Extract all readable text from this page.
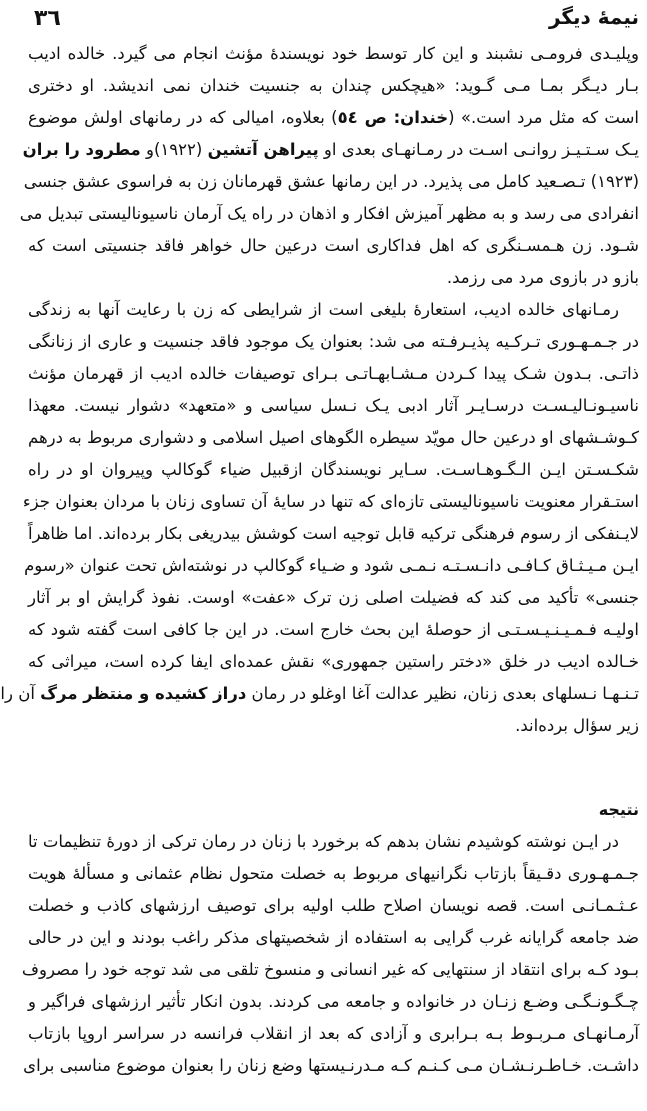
۳٦	نیمهٔ دیگر
وپلیـدی فرومـی نشبند و این کار توسط خود نویسندهٔ مؤنث انجام می گیرد. خالده ادیب
بـار دیـگر بمـا مـی گـوید: «هیچکس چندان به جنسیت خندان نمی اندیشد. او دختری
است که مثل مرد است.» (خندان: ص ٥٤) بعلاوه، امیالی که در رمانهای اولش موضوع
یـک سـتـیـز روانـی اسـت در رمـانهـای بعدی او پیراهن آتشین (۱۹۲۲)و مطرود را بران
(۱۹۲۳) تـصـعید کامل می پذیرد. در این رمانها عشق قهرمانان زن به فراسوی عشق جنسی
انفرادی می رسد و به مظهر آمیزش افکار و اذهان در راه یک آرمان ناسیونالیستی تبدیل می
شـود. زن هـمسـنگری که اهل فداکاری است درعین حال خواهر فاقد جنسیتی است که
بازو در بازوی مرد می رزمد.
رمـانهای خالده ادیب، استعارهٔ بلیغی است از شرایطی که زن با رعایت آنها به زندگی
در جـمـهـوری تـرکـیه پذیـرفـته می شد: بعنوان یک موجود فاقد جنسیت و عاری از زنانگی
ذاتـی. بـدون شـک پیدا کـردن مـشـابهـاتـی بـرای توصیفات خالده ادیب از قهرمان مؤنث
ناسیـونـالیـسـت درسـایـر آثار ادبی یـک نـسل سیاسی و «متعهد» دشوار نیست. معهذا
کـوشـشهای او درعین حال مویّد سیطره الگوهای اصیل اسلامی و دشواری مربوط به درهم
شکـسـتن ایـن الـگـوهـاسـت. سـایر نویسندگان ازقبیل ضیاء گوکالپ وپیروان او در راه
استـقرار معنویت ناسیونالیستی تازه‌ای که تنها در سایهٔ آن تساوی زنان با مردان بعنوان جزء
لایـنفکی از رسوم فرهنگی ترکیه قابل توجیه است کوشش بیدریغی بکار برده‌اند. اما ظاهراً
ایـن مـیـثـاق کـافـی دانـسـتـه نـمـی شود و ضـیاء گوکالپ در نوشته‌اش تحت عنوان «رسوم
جنسی» تأکید می کند که فضیلت اصلی زن ترک «عفت» اوست. نفوذ گرایش او بر آثار
اولیـه فـمـیـنـیـسـتـی از حوصلهٔ این بحث خارج است. در این جا کافی است گفته شود که
خـالده ادیب در خلق «دختر راستین جمهوری» نقش عمده‌ای ایفا کرده است، میراثی که
تـنـهـا نـسلهای بعدی زنان، نظیر عدالت آغا اوغلو در رمان دراز کشیده و منتظر مرگ آن را
زیر سؤال برده‌اند.
نتیجه
در ایـن نوشته کوشیدم نشان بدهم که برخورد با زنان در رمان ترکی از دورهٔ تنظیمات تا
جـمـهـوری دقـیقاً بازتاب نگرانیهای مربوط به خصلت متحول نظام عثمانی و مسألهٔ هویت
عـثـمـانـی است. قصه نویسان اصلاح طلب اولیه برای توصیف ارزشهای کاذب و خصلت
ضد جامعه گرایانه غرب گرایی به استفاده از شخصیتهای مذکر راغب بودند و این در حالی
بـود کـه برای انتقاد از سنتهایی که غیر انسانی و منسوخ تلقی می شد توجه خود را مصروف
چـگـونـگـی وضـع زنـان در خانواده و جامعه می کردند. بدون انکار تأثیر ارزشهای فراگیر و
آرمـانهـای مـربـوط بـه بـرابری و آزادی که بعد از انقلاب فرانسه در سراسر اروپا بازتاب
داشـت. خـاطـرنـشـان مـی کـنـم کـه مـدرنـیستها وضع زنان را بعنوان موضوع مناسبی برای
